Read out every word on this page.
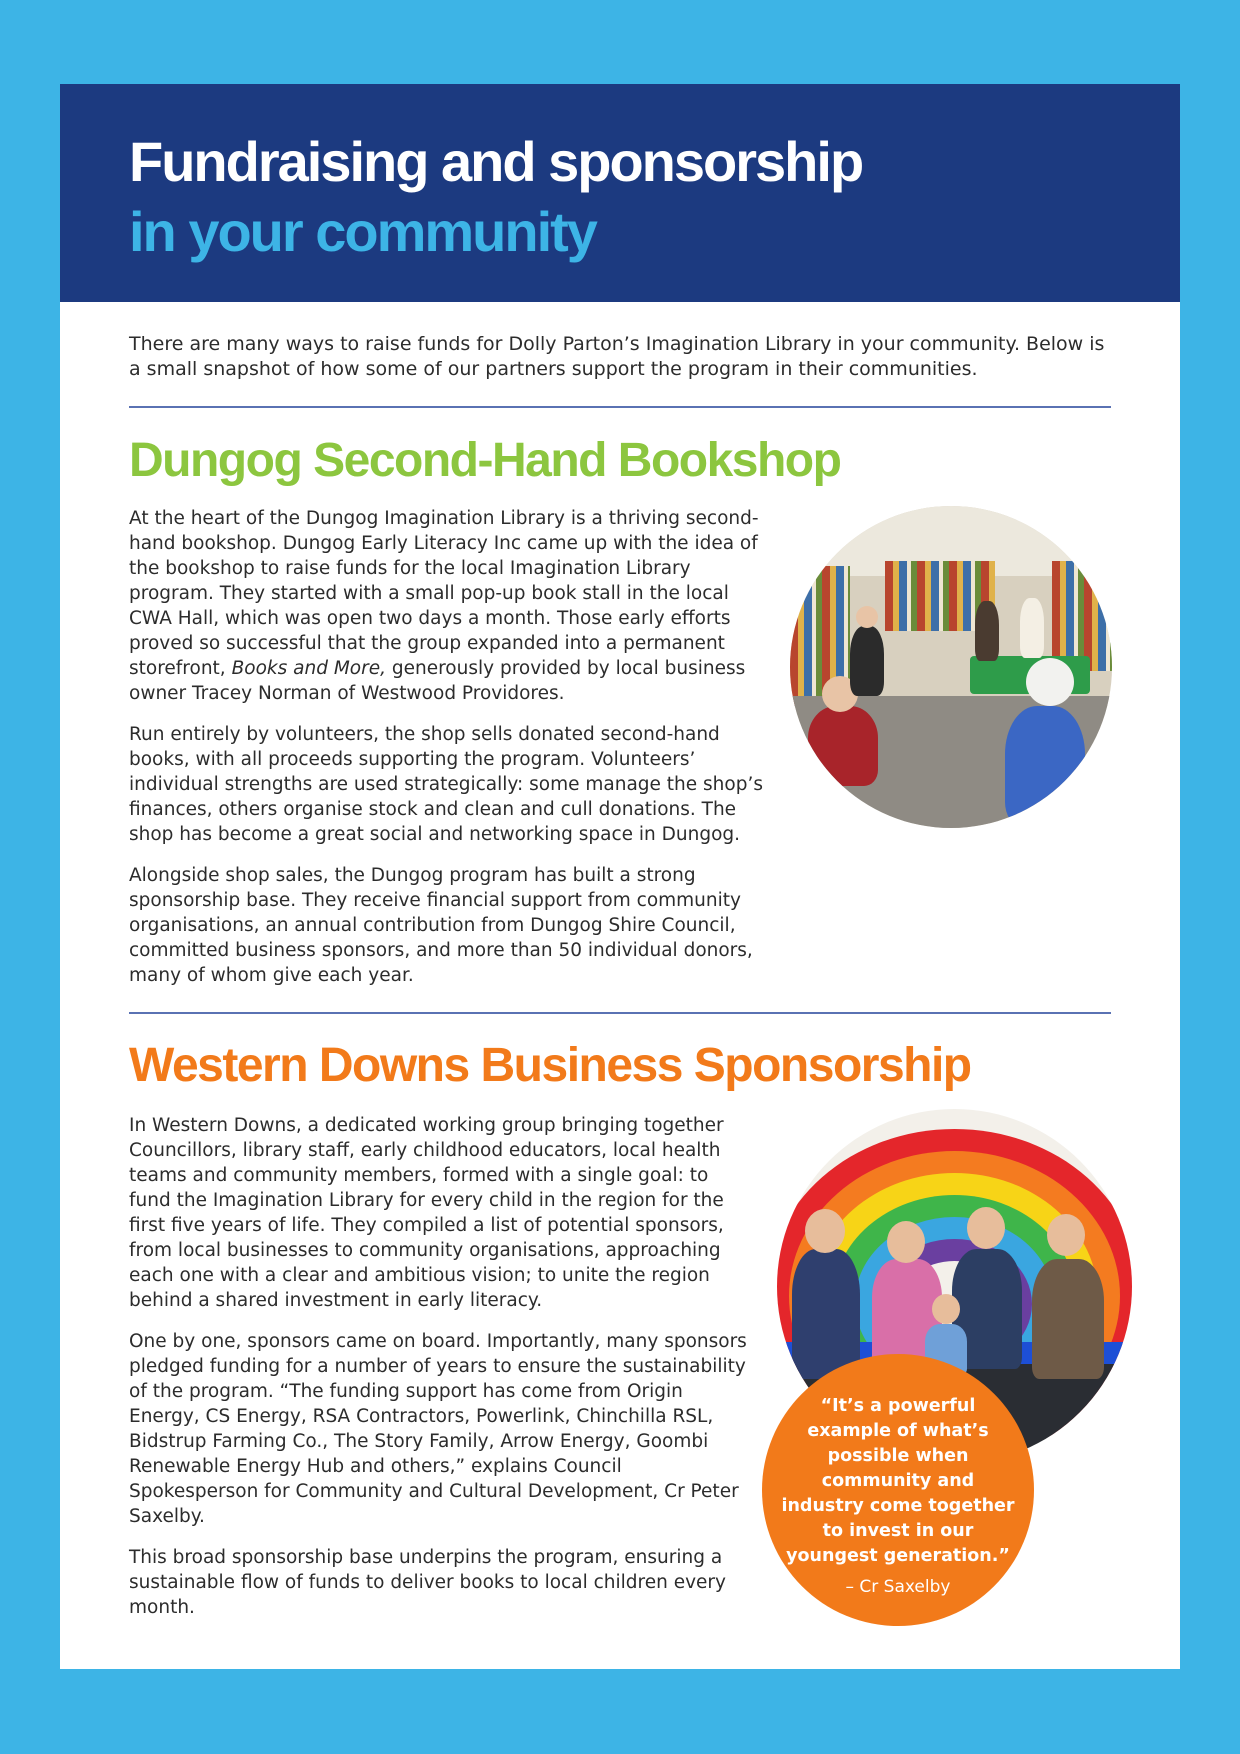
Fundraising and sponsorship
in your community

There are many ways to raise funds for Dolly Parton’s Imagination Library in your community. Below is a small snapshot of how some of our partners support the program in their communities.

Dungog Second-Hand Bookshop

At the heart of the Dungog Imagination Library is a thriving second-hand bookshop. Dungog Early Literacy Inc came up with the idea of the bookshop to raise funds for the local Imagination Library program. They started with a small pop-up book stall in the local CWA Hall, which was open two days a month. Those early efforts proved so successful that the group expanded into a permanent storefront, Books and More, generously provided by local business owner Tracey Norman of Westwood Providores.

Run entirely by volunteers, the shop sells donated second-hand books, with all proceeds supporting the program. Volunteers’ individual strengths are used strategically: some manage the shop’s finances, others organise stock and clean and cull donations. The shop has become a great social and networking space in Dungog.

Alongside shop sales, the Dungog program has built a strong sponsorship base. They receive financial support from community organisations, an annual contribution from Dungog Shire Council, committed business sponsors, and more than 50 individual donors, many of whom give each year.

Western Downs Business Sponsorship

In Western Downs, a dedicated working group bringing together Councillors, library staff, early childhood educators, local health teams and community members, formed with a single goal: to fund the Imagination Library for every child in the region for the first five years of life. They compiled a list of potential sponsors, from local businesses to community organisations, approaching each one with a clear and ambitious vision; to unite the region behind a shared investment in early literacy.

One by one, sponsors came on board. Importantly, many sponsors pledged funding for a number of years to ensure the sustainability of the program. “The funding support has come from Origin Energy, CS Energy, RSA Contractors, Powerlink, Chinchilla RSL, Bidstrup Farming Co., The Story Family, Arrow Energy, Goombi Renewable Energy Hub and others,” explains Council Spokesperson for Community and Cultural Development, Cr Peter Saxelby.

This broad sponsorship base underpins the program, ensuring a sustainable flow of funds to deliver books to local children every month.

“It’s a powerful example of what’s possible when community and industry come together to invest in our youngest generation.”

– Cr Saxelby
